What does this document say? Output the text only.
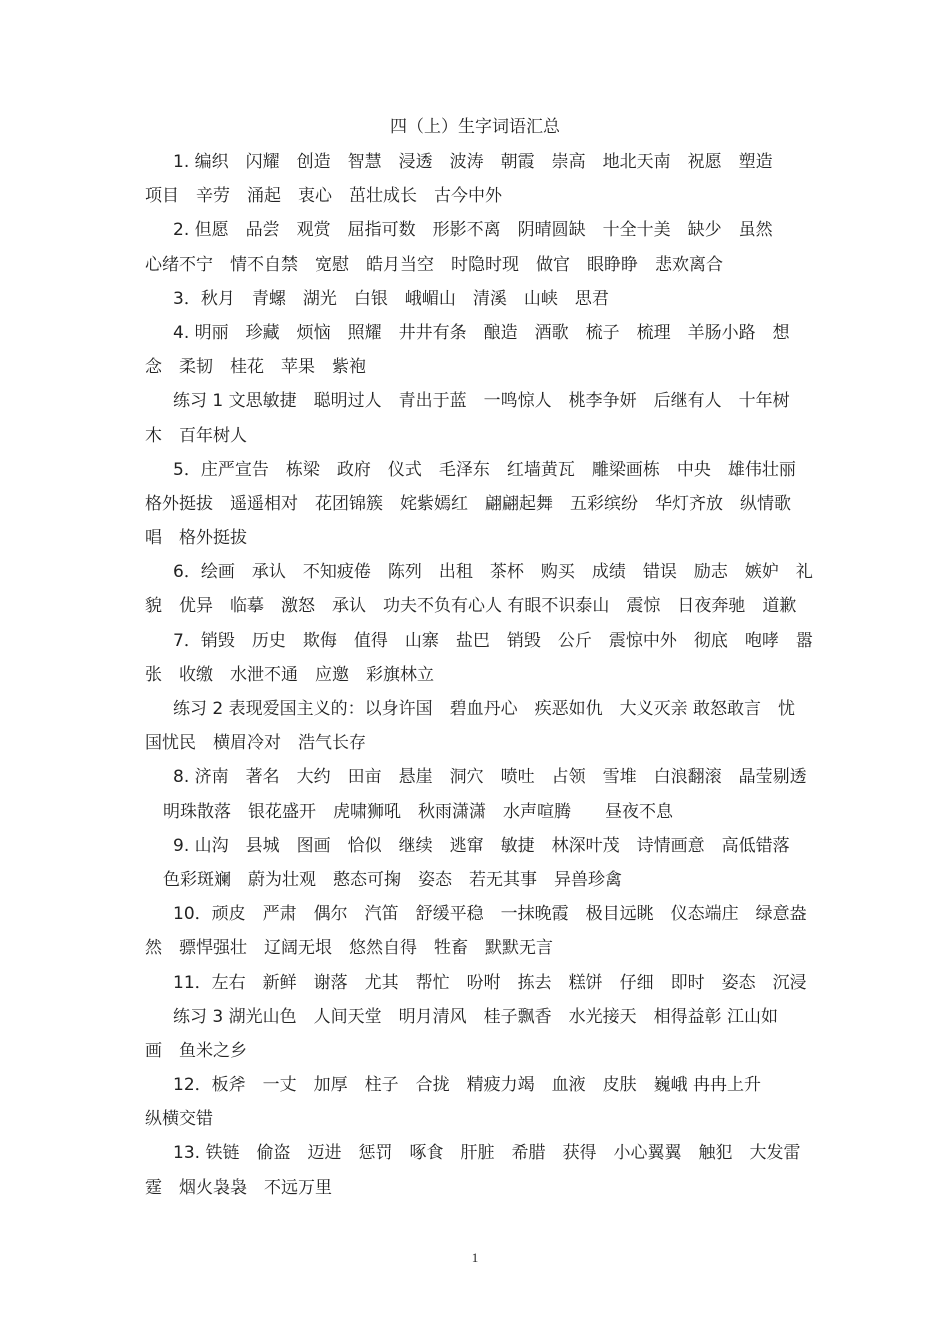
四（上）生字词语汇总
1. 编织　闪耀　创造　智慧　浸透　波涛　朝霞　崇高　地北天南　祝愿　塑造
项目　辛劳　涌起　衷心　茁壮成长　古今中外
2. 但愿　品尝　观赏　屈指可数　形影不离　阴晴圆缺　十全十美　缺少　虽然
心绪不宁　情不自禁　宽慰　皓月当空　时隐时现　做官　眼睁睁　悲欢离合
3．秋月　青螺　湖光　白银　峨嵋山　清溪　山峡　思君
4. 明丽　珍藏　烦恼　照耀　井井有条　酿造　酒歌　梳子　梳理　羊肠小路　想
念　柔韧　桂花　苹果　紫袍
练习 1 文思敏捷　聪明过人　青出于蓝　一鸣惊人　桃李争妍　后继有人　十年树
木　百年树人
5．庄严宣告　栋梁　政府　仪式　毛泽东　红墙黄瓦　雕梁画栋　中央　雄伟壮丽
格外挺拔　遥遥相对　花团锦簇　姹紫嫣红　翩翩起舞　五彩缤纷　华灯齐放　纵情歌
唱　格外挺拔
6．绘画　承认　不知疲倦　陈列　出租　茶杯　购买　成绩　错误　励志　嫉妒　礼
貌　优异　临摹　激怒　承认　功夫不负有心人 有眼不识泰山　震惊　日夜奔驰　道歉
7．销毁　历史　欺侮　值得　山寨　盐巴　销毁　公斤　震惊中外　彻底　咆哮　嚣
张　收缴　水泄不通　应邀　彩旗林立
练习 2 表现爱国主义的：以身许国　碧血丹心　疾恶如仇　大义灭亲 敢怒敢言　忧
国忧民　横眉冷对　浩气长存
8. 济南　著名　大约　田亩　悬崖　洞穴　喷吐　占领　雪堆　白浪翻滚　晶莹剔透
明珠散落　银花盛开　虎啸狮吼　秋雨潇潇　水声喧腾　　昼夜不息
9. 山沟　县城　图画　恰似　继续　逃窜　敏捷　林深叶茂　诗情画意　高低错落
色彩斑斓　蔚为壮观　憨态可掬　姿态　若无其事　异兽珍禽
10．顽皮　严肃　偶尔　汽笛　舒缓平稳　一抹晚霞　极目远眺　仪态端庄　绿意盎
然　骠悍强壮　辽阔无垠　悠然自得　牲畜　默默无言
11．左右　新鲜　谢落　尤其　帮忙　吩咐　拣去　糕饼　仔细　即时　姿态　沉浸
练习 3 湖光山色　人间天堂　明月清风　桂子飘香　水光接天　相得益彰 江山如
画　鱼米之乡
12．板斧　一丈　加厚　柱子　合拢　精疲力竭　血液　皮肤　巍峨 冉冉上升
纵横交错
13. 铁链　偷盗　迈进　惩罚　啄食　肝脏　希腊　获得　小心翼翼　触犯　大发雷
霆　烟火袅袅　不远万里
1
